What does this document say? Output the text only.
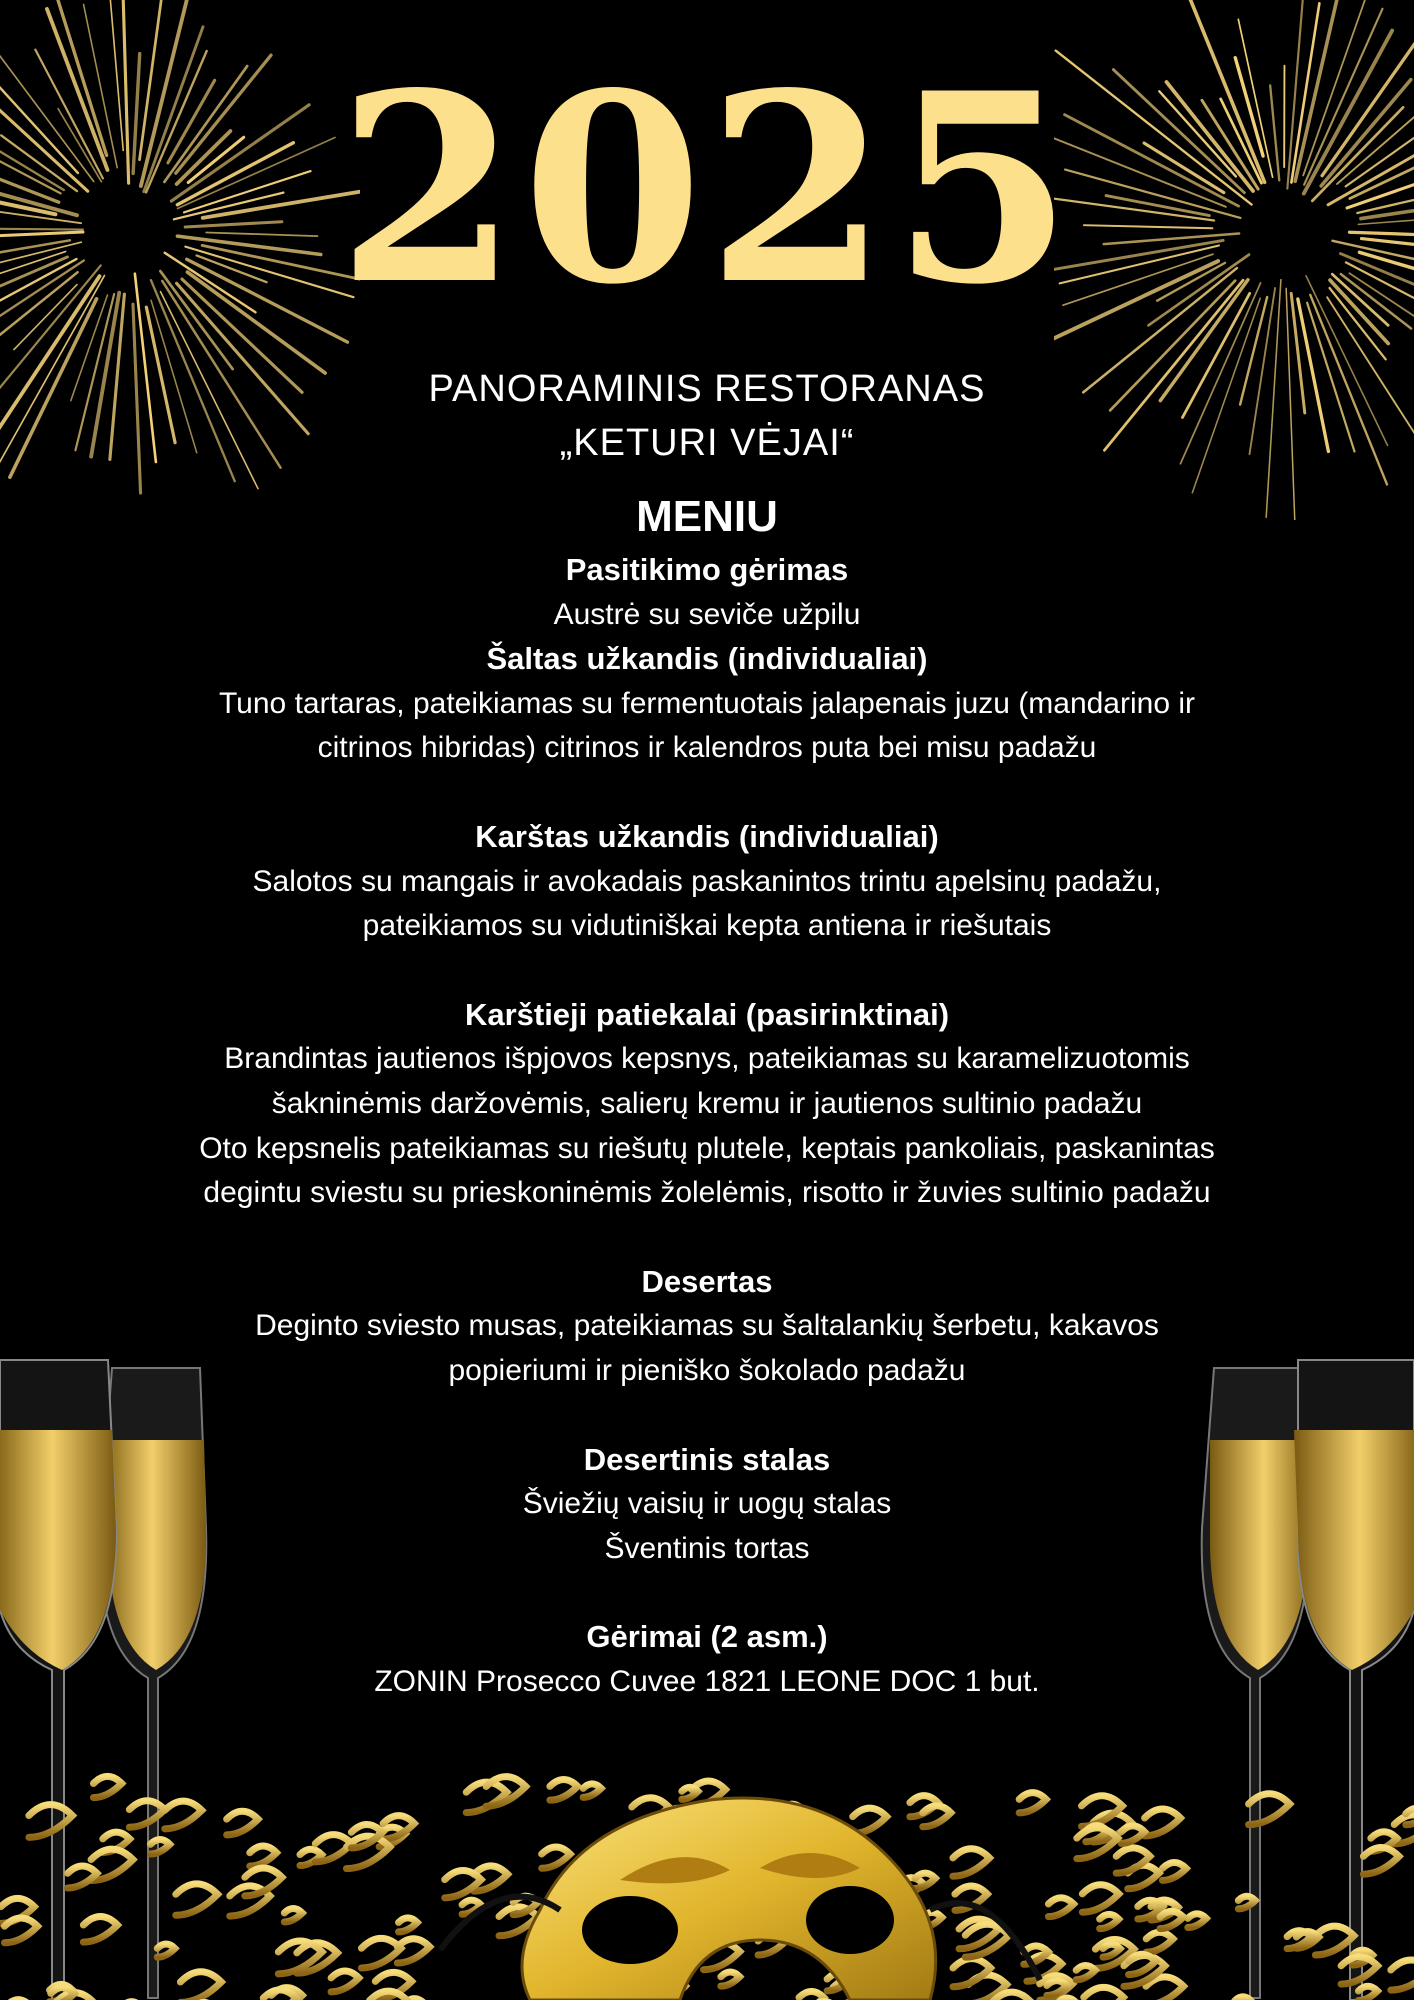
2025
PANORAMINIS RESTORANAS
„KETURI VĖJAI“
MENIU
Pasitikimo gėrimas
Austrė su seviče užpilu
Šaltas užkandis (individualiai)
Tuno tartaras, pateikiamas su fermentuotais jalapenais juzu (mandarino ir
citrinos hibridas) citrinos ir kalendros puta bei misu padažu
Karštas užkandis (individualiai)
Salotos su mangais ir avokadais paskanintos trintu apelsinų padažu,
pateikiamos su vidutiniškai kepta antiena ir riešutais
Karštieji patiekalai (pasirinktinai)
Brandintas jautienos išpjovos kepsnys, pateikiamas su karamelizuotomis
šakninėmis daržovėmis, salierų kremu ir jautienos sultinio padažu
Oto kepsnelis pateikiamas su riešutų plutele, keptais pankoliais, paskanintas
degintu sviestu su prieskoninėmis žolelėmis, risotto ir žuvies sultinio padažu
Desertas
Deginto sviesto musas, pateikiamas su šaltalankių šerbetu, kakavos
popieriumi ir pieniško šokolado padažu
Desertinis stalas
Šviežių vaisių ir uogų stalas
Šventinis tortas
Gėrimai (2 asm.)
ZONIN Prosecco Cuvee 1821 LEONE DOC 1 but.
